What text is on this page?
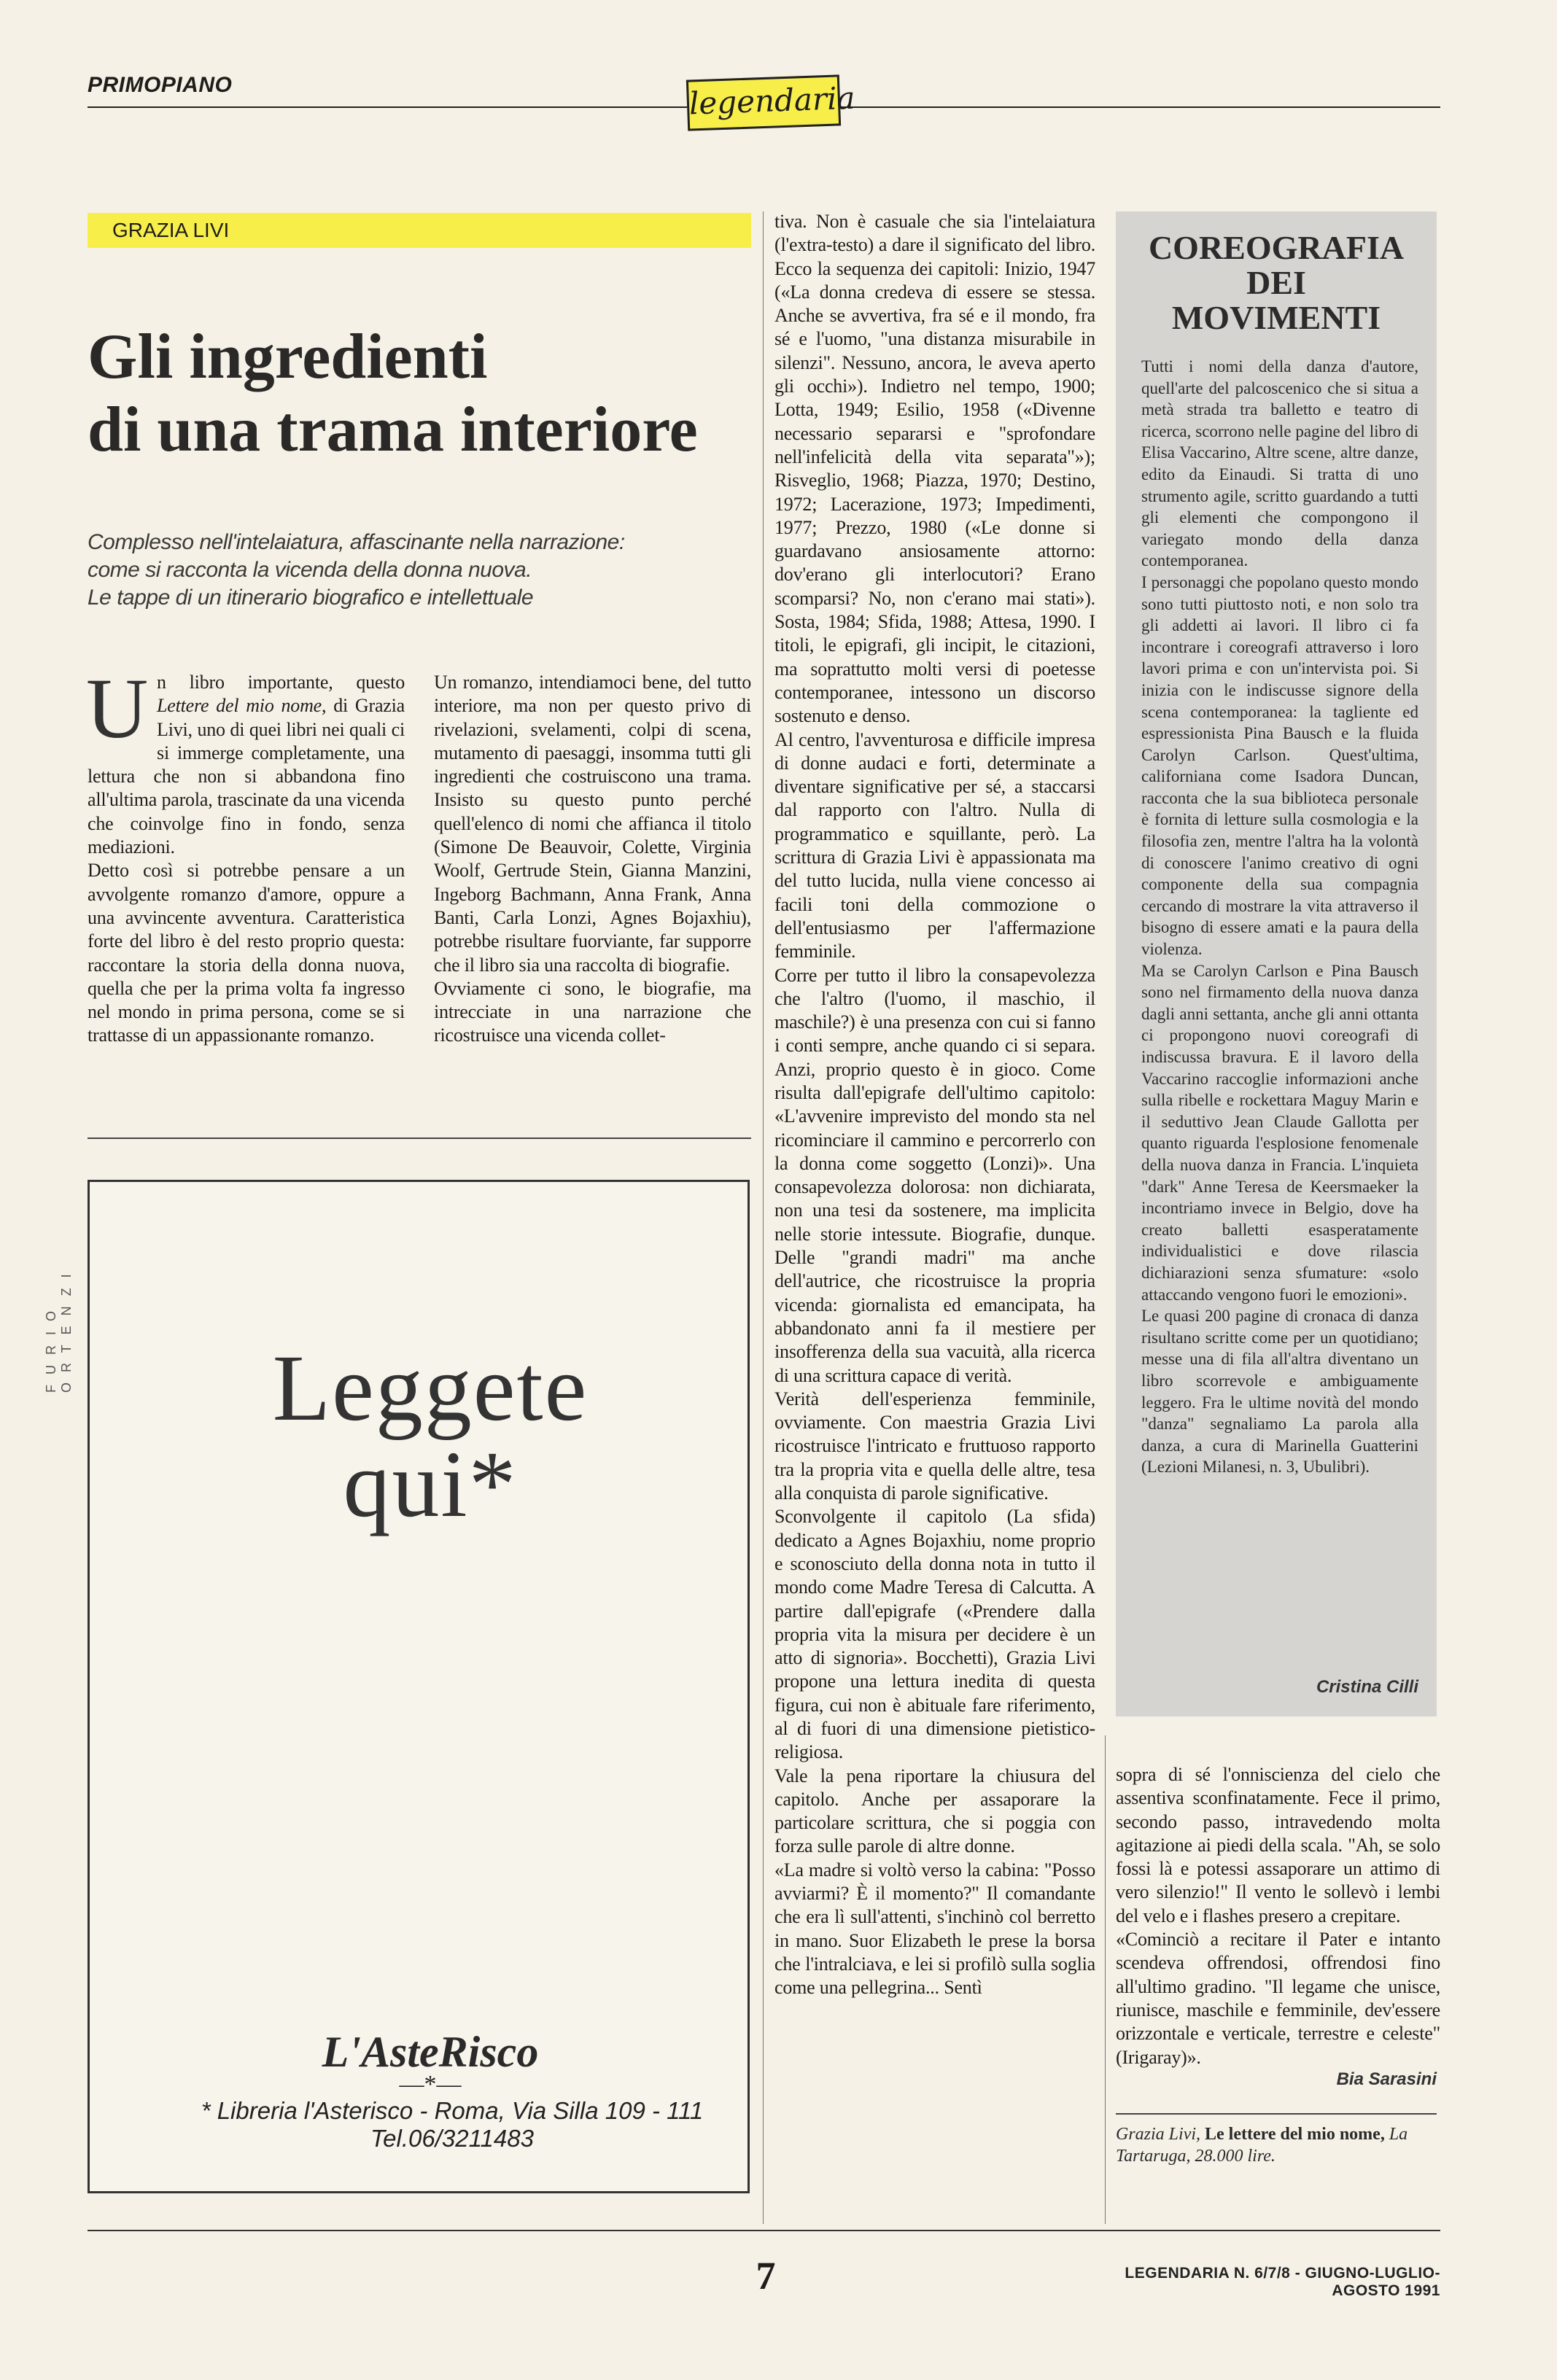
PRIMOPIANO	legendaria
GRAZIA LIVI
Gli ingredienti
di una trama interiore
Complesso nell'intelaiatura, affascinante nella narrazione:
come si racconta la vicenda della donna nuova.
Le tappe di un itinerario biografico e intellettuale

Un libro importante, questo Lettere del mio nome, di Grazia Livi, uno di quei libri nei quali ci si immerge completamente, una lettura che non si abbandona fino all'ultima parola, trascinate da una vicenda che coinvolge fino in fondo, senza mediazioni.

Detto così si potrebbe pensare a un avvolgente romanzo d'amore, oppure a una avvincente avventura. Caratteristica forte del libro è del resto proprio questa: raccontare la storia della donna nuova, quella che per la prima volta fa ingresso nel mondo in prima persona, come se si trattasse di un appassionante romanzo.

Un romanzo, intendiamoci bene, del tutto interiore, ma non per questo privo di rivelazioni, svelamenti, colpi di scena, mutamento di paesaggi, insomma tutti gli ingredienti che costruiscono una trama. Insisto su questo punto perché quell'elenco di nomi che affianca il titolo (Simone De Beauvoir, Colette, Virginia Woolf, Gertrude Stein, Gianna Manzini, Ingeborg Bachmann, Anna Frank, Anna Banti, Carla Lonzi, Agnes Bojaxhiu), potrebbe risultare fuorviante, far supporre che il libro sia una raccolta di biografie.

Ovviamente ci sono, le biografie, ma intrecciate in una narrazione che ricostruisce una vicenda collet-

FURIO ORTENZI	Leggete
qui*
L'AsteRisco
—*—
* Libreria l'Asterisco - Roma, Via Silla 109 - 111
Tel.06/3211483

tiva. Non è casuale che sia l'intelaiatura (l'extra-testo) a dare il significato del libro. Ecco la sequenza dei capitoli: Inizio, 1947 («La donna credeva di essere se stessa. Anche se avvertiva, fra sé e il mondo, fra sé e l'uomo, "una distanza misurabile in silenzi". Nessuno, ancora, le aveva aperto gli occhi»). Indietro nel tempo, 1900; Lotta, 1949; Esilio, 1958 («Divenne necessario separarsi e "sprofondare nell'infelicità della vita separata"»); Risveglio, 1968; Piazza, 1970; Destino, 1972; Lacerazione, 1973; Impedimenti, 1977; Prezzo, 1980 («Le donne si guardavano ansiosamente attorno: dov'erano gli interlocutori? Erano scomparsi? No, non c'erano mai stati»). Sosta, 1984; Sfida, 1988; Attesa, 1990. I titoli, le epigrafi, gli incipit, le citazioni, ma soprattutto molti versi di poetesse contemporanee, intessono un discorso sostenuto e denso.

Al centro, l'avventurosa e difficile impresa di donne audaci e forti, determinate a diventare significative per sé, a staccarsi dal rapporto con l'altro. Nulla di programmatico e squillante, però. La scrittura di Grazia Livi è appassionata ma del tutto lucida, nulla viene concesso ai facili toni della commozione o dell'entusiasmo per l'affermazione femminile.

Corre per tutto il libro la consapevolezza che l'altro (l'uomo, il maschio, il maschile?) è una presenza con cui si fanno i conti sempre, anche quando ci si separa. Anzi, proprio questo è in gioco. Come risulta dall'epigrafe dell'ultimo capitolo: «L'avvenire imprevisto del mondo sta nel ricominciare il cammino e percorrerlo con la donna come soggetto (Lonzi)». Una consapevolezza dolorosa: non dichiarata, non una tesi da sostenere, ma implicita nelle storie intessute. Biografie, dunque. Delle "grandi madri" ma anche dell'autrice, che ricostruisce la propria vicenda: giornalista ed emancipata, ha abbandonato anni fa il mestiere per insofferenza della sua vacuità, alla ricerca di una scrittura capace di verità.

Verità dell'esperienza femminile, ovviamente. Con maestria Grazia Livi ricostruisce l'intricato e fruttuoso rapporto tra la propria vita e quella delle altre, tesa alla conquista di parole significative.

Sconvolgente il capitolo (La sfida) dedicato a Agnes Bojaxhiu, nome proprio e sconosciuto della donna nota in tutto il mondo come Madre Teresa di Calcutta. A partire dall'epigrafe («Prendere dalla propria vita la misura per decidere è un atto di signoria». Bocchetti), Grazia Livi propone una lettura inedita di questa figura, cui non è abituale fare riferimento, al di fuori di una dimensione pietistico-religiosa.

Vale la pena riportare la chiusura del capitolo. Anche per assaporare la particolare scrittura, che si poggia con forza sulle parole di altre donne.

«La madre si voltò verso la cabina: "Posso avviarmi? È il momento?" Il comandante che era lì sull'attenti, s'inchinò col berretto in mano. Suor Elizabeth le prese la borsa che l'intralciava, e lei si profilò sulla soglia come una pellegrina... Sentì

COREOGRAFIA
DEI
MOVIMENTI

Tutti i nomi della danza d'autore, quell'arte del palcoscenico che si situa a metà strada tra balletto e teatro di ricerca, scorrono nelle pagine del libro di Elisa Vaccarino, Altre scene, altre danze, edito da Einaudi. Si tratta di uno strumento agile, scritto guardando a tutti gli elementi che compongono il variegato mondo della danza contemporanea.

I personaggi che popolano questo mondo sono tutti piuttosto noti, e non solo tra gli addetti ai lavori. Il libro ci fa incontrare i coreografi attraverso i loro lavori prima e con un'intervista poi. Si inizia con le indiscusse signore della scena contemporanea: la tagliente ed espressionista Pina Bausch e la fluida Carolyn Carlson. Quest'ultima, californiana come Isadora Duncan, racconta che la sua biblioteca personale è fornita di letture sulla cosmologia e la filosofia zen, mentre l'altra ha la volontà di conoscere l'animo creativo di ogni componente della sua compagnia cercando di mostrare la vita attraverso il bisogno di essere amati e la paura della violenza.

Ma se Carolyn Carlson e Pina Bausch sono nel firmamento della nuova danza dagli anni settanta, anche gli anni ottanta ci propongono nuovi coreografi di indiscussa bravura. E il lavoro della Vaccarino raccoglie informazioni anche sulla ribelle e rockettara Maguy Marin e il seduttivo Jean Claude Gallotta per quanto riguarda l'esplosione fenomenale della nuova danza in Francia. L'inquieta "dark" Anne Teresa de Keersmaeker la incontriamo invece in Belgio, dove ha creato balletti esasperatamente individualistici e dove rilascia dichiarazioni senza sfumature: «solo attaccando vengono fuori le emozioni».

Le quasi 200 pagine di cronaca di danza risultano scritte come per un quotidiano; messe una di fila all'altra diventano un libro scorrevole e ambiguamente leggero. Fra le ultime novità del mondo "danza" segnaliamo La parola alla danza, a cura di Marinella Guatterini (Lezioni Milanesi, n. 3, Ubulibri).

Cristina Cilli

sopra di sé l'onniscienza del cielo che assentiva sconfinatamente. Fece il primo, secondo passo, intravedendo molta agitazione ai piedi della scala. "Ah, se solo fossi là e potessi assaporare un attimo di vero silenzio!" Il vento le sollevò i lembi del velo e i flashes presero a crepitare.

«Cominciò a recitare il Pater e intanto scendeva offrendosi, offrendosi fino all'ultimo gradino. "Il legame che unisce, riunisce, maschile e femminile, dev'essere orizzontale e verticale, terrestre e celeste" (Irigaray)».

Bia Sarasini
Grazia Livi, Le lettere del mio nome, La Tartaruga, 28.000 lire.
7	LEGENDARIA N. 6/7/8 - GIUGNO-LUGLIO-AGOSTO 1991
